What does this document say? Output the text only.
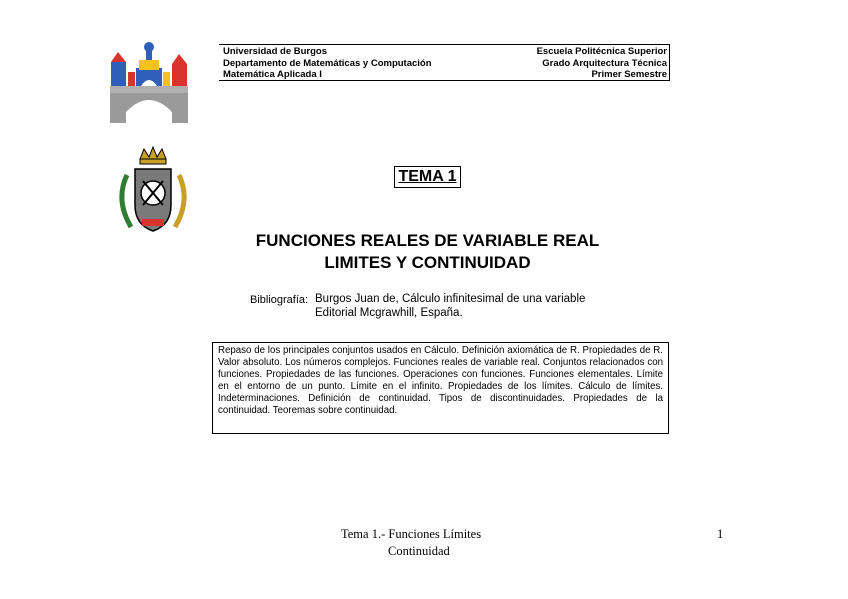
Universidad de Burgos	Escuela Politécnica Superior
Departamento de Matemáticas y Computación	Grado Arquitectura Técnica
Matemática Aplicada I	Primer Semestre
TEMA 1
FUNCIONES REALES DE VARIABLE REAL
LIMITES Y CONTINUIDAD
Bibliografía: Burgos Juan de, Cálculo infinitesimal de una variable
Editorial Mcgrawhill, España.
Repaso de los principales conjuntos usados en Cálculo. Definición axiomática de R. Propiedades de R. Valor absoluto. Los números complejos. Funciones reales de variable real. Conjuntos relacionados con funciones. Propiedades de las funciones. Operaciones con funciones. Funciones elementales. Límite en el entorno de un punto. Límite en el infinito. Propiedades de los límites. Cálculo de límites. Indeterminaciones. Definición de continuidad. Tipos de discontinuidades. Propiedades de la continuidad. Teoremas sobre continuidad.
Tema 1.- Funciones Límites
Continuidad
1
